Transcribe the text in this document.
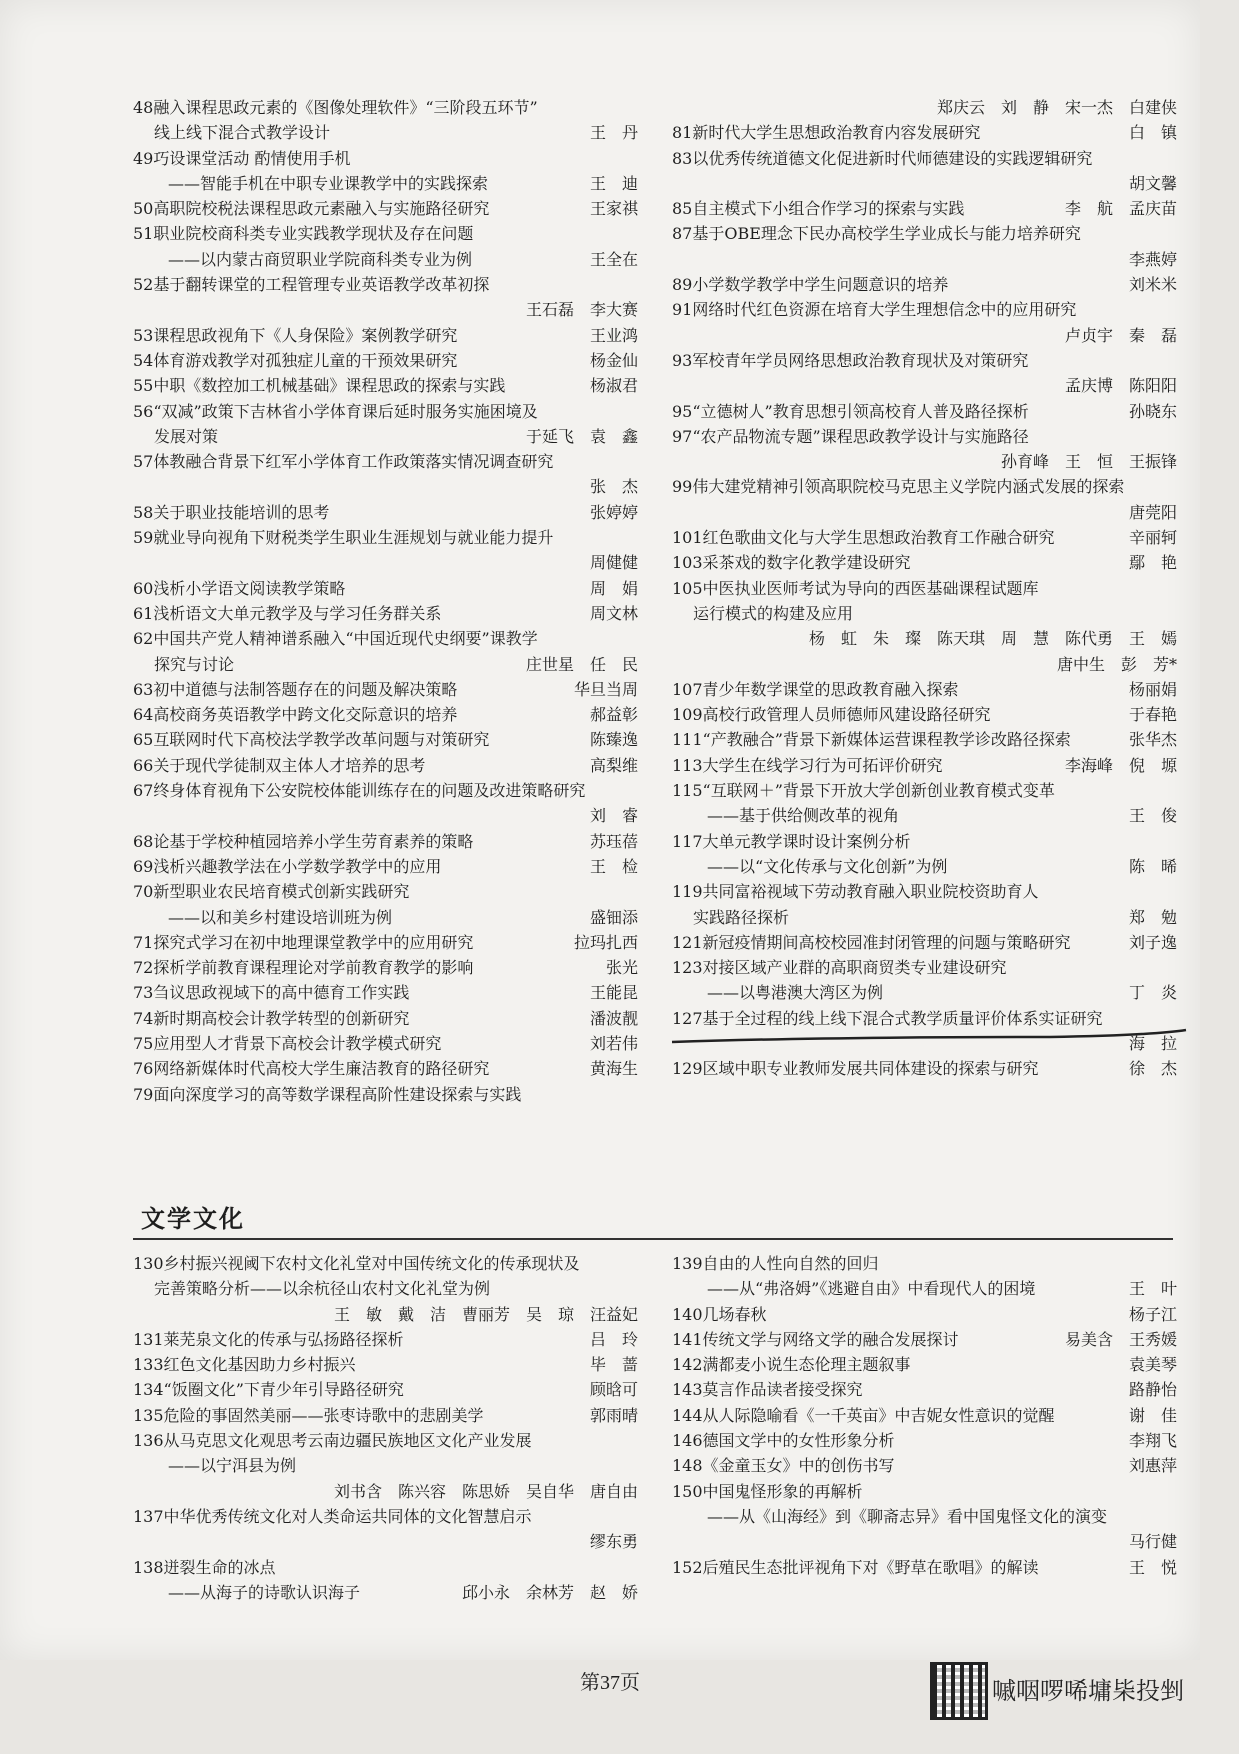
48融入课程思政元素的《图像处理软件》“三阶段五环节”
线上线下混合式教学设计	王　丹
49巧设课堂活动 酌情使用手机
——智能手机在中职专业课教学中的实践探索	王　迪
50高职院校税法课程思政元素融入与实施路径研究	王家祺
51职业院校商科类专业实践教学现状及存在问题
——以内蒙古商贸职业学院商科类专业为例	王全在
52基于翻转课堂的工程管理专业英语教学改革初探
王石磊　李大赛
53课程思政视角下《人身保险》案例教学研究	王业鸿
54体育游戏教学对孤独症儿童的干预效果研究	杨金仙
55中职《数控加工机械基础》课程思政的探索与实践	杨淑君
56“双减”政策下吉林省小学体育课后延时服务实施困境及
发展对策	于延飞　袁　鑫
57体教融合背景下红军小学体育工作政策落实情况调查研究
张　杰
58关于职业技能培训的思考	张婷婷
59就业导向视角下财税类学生职业生涯规划与就业能力提升
周健健
60浅析小学语文阅读教学策略	周　娟
61浅析语文大单元教学及与学习任务群关系	周文林
62中国共产党人精神谱系融入“中国近现代史纲要”课教学
探究与讨论	庄世星　任　民
63初中道德与法制答题存在的问题及解决策略	华旦当周
64高校商务英语教学中跨文化交际意识的培养	郝益彰
65互联网时代下高校法学教学改革问题与对策研究	陈臻逸
66关于现代学徒制双主体人才培养的思考	高梨维
67终身体育视角下公安院校体能训练存在的问题及改进策略研究
刘　睿
68论基于学校种植园培养小学生劳育素养的策略	苏珏蓓
69浅析兴趣教学法在小学数学教学中的应用	王　检
70新型职业农民培育模式创新实践研究
——以和美乡村建设培训班为例	盛钿添
71探究式学习在初中地理课堂教学中的应用研究	拉玛扎西
72探析学前教育课程理论对学前教育教学的影响	张光
73刍议思政视域下的高中德育工作实践	王能昆
74新时期高校会计教学转型的创新研究	潘波靓
75应用型人才背景下高校会计教学模式研究	刘若伟
76网络新媒体时代高校大学生廉洁教育的路径研究	黄海生
79面向深度学习的高等数学课程高阶性建设探索与实践
郑庆云　刘　静　宋一杰　白建侠
81新时代大学生思想政治教育内容发展研究	白　镇
83以优秀传统道德文化促进新时代师德建设的实践逻辑研究
胡文馨
85自主模式下小组合作学习的探索与实践	李　航　孟庆苗
87基于OBE理念下民办高校学生学业成长与能力培养研究
李燕婷
89小学数学教学中学生问题意识的培养	刘米米
91网络时代红色资源在培育大学生理想信念中的应用研究
卢贞宇　秦　磊
93军校青年学员网络思想政治教育现状及对策研究
孟庆博　陈阳阳
95“立德树人”教育思想引领高校育人普及路径探析	孙晓东
97“农产品物流专题”课程思政教学设计与实施路径
孙育峰　王　恒　王振锋
99伟大建党精神引领高职院校马克思主义学院内涵式发展的探索
唐莞阳
101红色歌曲文化与大学生思想政治教育工作融合研究	辛丽轲
103采茶戏的数字化教学建设研究	鄢　艳
105中医执业医师考试为导向的西医基础课程试题库
运行模式的构建及应用
杨　虹　朱　璨　陈天琪　周　慧　陈代勇　王　嫣
唐中生　彭　芳*
107青少年数学课堂的思政教育融入探索	杨丽娟
109高校行政管理人员师德师风建设路径研究	于春艳
111“产教融合”背景下新媒体运营课程教学诊改路径探索	张华杰
113大学生在线学习行为可拓评价研究	李海峰　倪　塬
115“互联网＋”背景下开放大学创新创业教育模式变革
——基于供给侧改革的视角	王　俊
117大单元教学课时设计案例分析
——以“文化传承与文化创新”为例	陈　晞
119共同富裕视域下劳动教育融入职业院校资助育人
实践路径探析	郑　勉
121新冠疫情期间高校校园准封闭管理的问题与策略研究	刘子逸
123对接区域产业群的高职商贸类专业建设研究
——以粤港澳大湾区为例	丁　炎
127基于全过程的线上线下混合式教学质量评价体系实证研究
海　拉
129区域中职专业教师发展共同体建设的探索与研究	徐　杰
文学文化
130乡村振兴视阈下农村文化礼堂对中国传统文化的传承现状及
完善策略分析——以余杭径山农村文化礼堂为例
王　敏　戴　洁　曹丽芳　吴　琼　汪益妃
131莱芜泉文化的传承与弘扬路径探析	吕　玲
133红色文化基因助力乡村振兴	毕　蔷
134“饭圈文化”下青少年引导路径研究	顾晗可
135危险的事固然美丽——张枣诗歌中的悲剧美学	郭雨晴
136从马克思文化观思考云南边疆民族地区文化产业发展
——以宁洱县为例
刘书含　陈兴容　陈思娇　吴自华　唐自由
137中华优秀传统文化对人类命运共同体的文化智慧启示
缪东勇
138迸裂生命的冰点
——从海子的诗歌认识海子	邱小永　余林芳　赵　娇
139自由的人性向自然的回归
——从“弗洛姆”《逃避自由》中看现代人的困境	王　叶
140几场春秋	杨子江
141传统文学与网络文学的融合发展探讨	易美含　王秀媛
142满都麦小说生态伦理主题叙事	袁美琴
143莫言作品读者接受探究	路静怡
144从人际隐喻看《一千英亩》中吉妮女性意识的觉醒	谢　佳
146德国文学中的女性形象分析	李翔飞
148《金童玉女》中的创伤书写	刘惠萍
150中国鬼怪形象的再解析
——从《山海经》到《聊斋志异》看中国鬼怪文化的演变
马行健
152后殖民生态批评视角下对《野草在歌唱》的解读	王　悦
第37页	嘁咽啰唏墉枈投剉
